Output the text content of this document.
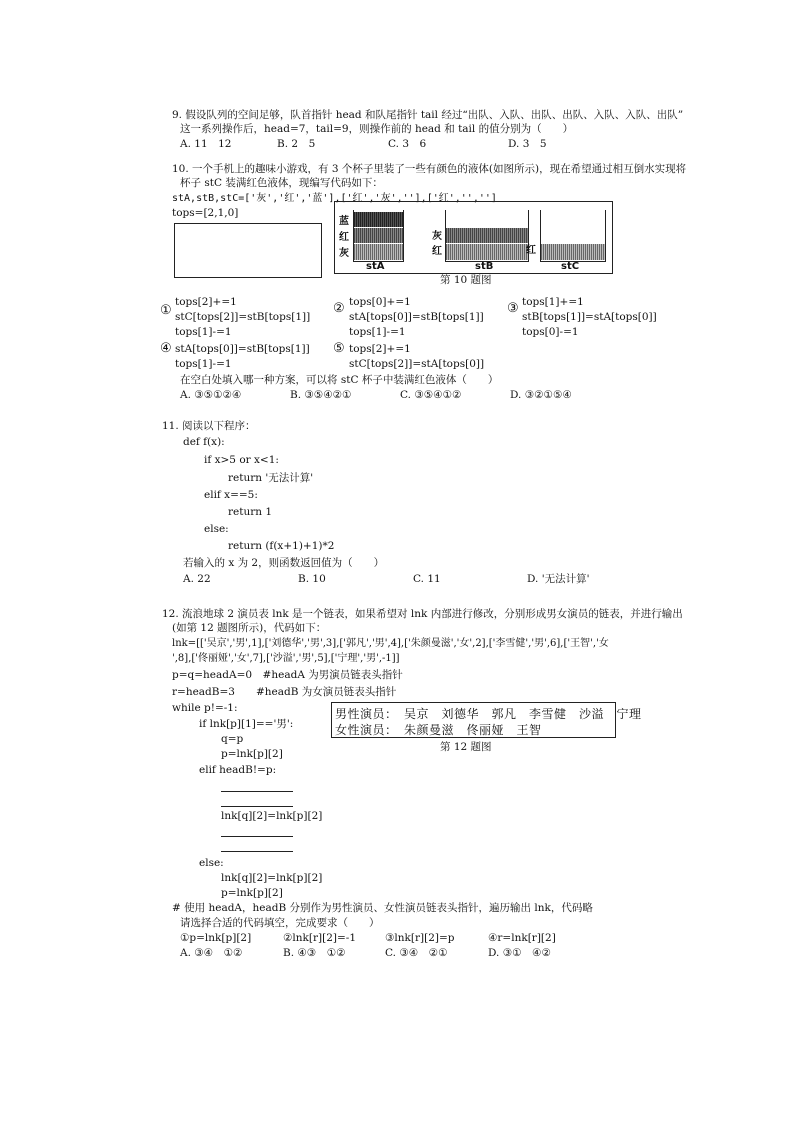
9. 假设队列的空间足够，队首指针 head 和队尾指针 tail 经过“出队、入队、出队、出队、入队、入队、出队”
这一系列操作后，head=7，tail=9，则操作前的 head 和 tail 的值分别为（　　）
A. 11　12	B. 2　5	C. 3　6	D. 3　5
10. 一个手机上的趣味小游戏，有 3 个杯子里装了一些有颜色的液体(如图所示)，现在希望通过相互倒水实现将
杯子 stC 装满红色液体，现编写代码如下：
stA,stB,stC=['灰','红','蓝'],['红','灰',''],['红','','']
tops=[2,1,0]
蓝
红
灰
stA
灰
红
stB
红
stC
第 10 题图
①
tops[2]+=1
stC[tops[2]]=stB[tops[1]]
tops[1]-=1
② tops[0]+=1
stA[tops[0]]=stB[tops[1]]
tops[1]-=1
③ tops[1]+=1
stB[tops[1]]=stA[tops[0]]
tops[0]-=1
④ stA[tops[0]]=stB[tops[1]]
tops[1]-=1
⑤ tops[2]+=1
stC[tops[2]]=stA[tops[0]]
在空白处填入哪一种方案，可以将 stC 杯子中装满红色液体（　　）
A. ③⑤①②④	B. ③⑤④②①	C. ③⑤④①②	D. ③②①⑤④
11. 阅读以下程序：
def f(x):
if x>5 or x<1:
return '无法计算'
elif x==5:
return 1
else:
return (f(x+1)+1)*2
若输入的 x 为 2，则函数返回值为（　　）
A. 22	B. 10	C. 11	D. '无法计算'
12. 流浪地球 2 演员表 lnk 是一个链表，如果希望对 lnk 内部进行修改，分别形成男女演员的链表，并进行输出
(如第 12 题图所示)，代码如下：
lnk=[['吴京','男',1],['刘德华','男',3],['郭凡','男',4],['朱颜曼滋','女',2],['李雪健','男',6],['王智','女
',8],['佟丽娅','女',7],['沙溢','男',5],['宁理','男',-1]]
p=q=headA=0　#headA 为男演员链表头指针
r=headB=3　　#headB 为女演员链表头指针
while p!=-1:
if lnk[p][1]=='男':
q=p
p=lnk[p][2]
elif headB!=p:
lnk[q][2]=lnk[p][2]
else:
lnk[q][2]=lnk[p][2]
p=lnk[p][2]
男性演员：　吴京　刘德华　郭凡　李雪健　沙溢　宁理
女性演员：　朱颜曼滋　佟丽娅　王智
第 12 题图
# 使用 headA，headB 分别作为男性演员、女性演员链表头指针，遍历输出 lnk，代码略
请选择合适的代码填空，完成要求（　　）
①p=lnk[p][2]	②lnk[r][2]=-1	③lnk[r][2]=p	④r=lnk[r][2]
A. ③④　①②	B. ④③　①②	C. ③④　②①	D. ③①　④②
